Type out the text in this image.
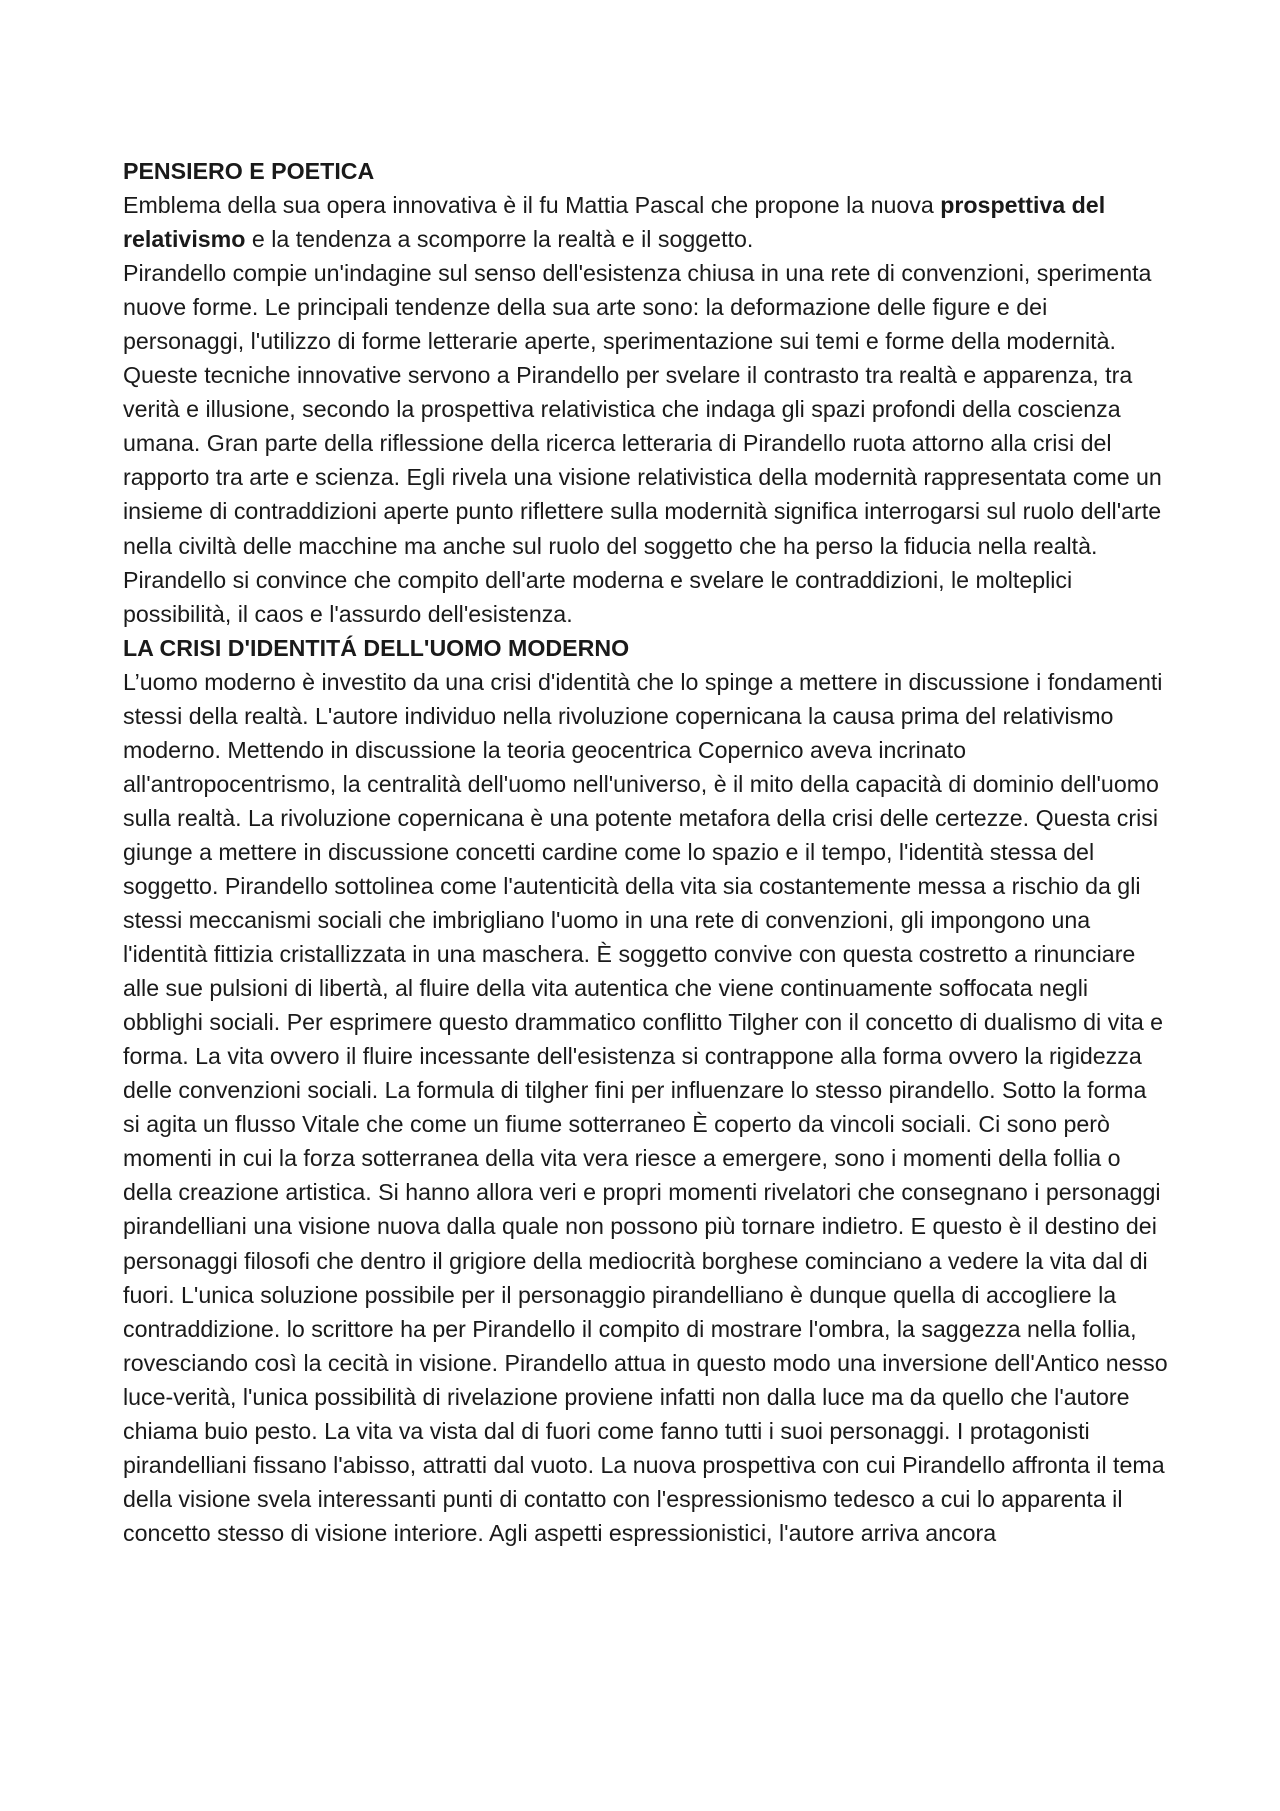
PENSIERO E POETICA

Emblema della sua opera innovativa è il fu Mattia Pascal che propone la nuova prospettiva del relativismo e la tendenza a scomporre la realtà e il soggetto.

Pirandello compie un'indagine sul senso dell'esistenza chiusa in una rete di convenzioni, sperimenta nuove forme. Le principali tendenze della sua arte sono: la deformazione delle figure e dei personaggi, l'utilizzo di forme letterarie aperte, sperimentazione sui temi e forme della modernità. Queste tecniche innovative servono a Pirandello per svelare il contrasto tra realtà e apparenza, tra verità e illusione, secondo la prospettiva relativistica che indaga gli spazi profondi della coscienza umana. Gran parte della riflessione della ricerca letteraria di Pirandello ruota attorno alla crisi del rapporto tra arte e scienza. Egli rivela una visione relativistica della modernità rappresentata come un insieme di contraddizioni aperte punto riflettere sulla modernità significa interrogarsi sul ruolo dell'arte nella civiltà delle macchine ma anche sul ruolo del soggetto che ha perso la fiducia nella realtà. Pirandello si convince che compito dell'arte moderna e svelare le contraddizioni, le molteplici possibilità, il caos e l'assurdo dell'esistenza.

LA CRISI D'IDENTITÁ DELL'UOMO MODERNO

L’uomo moderno è investito da una crisi d'identità che lo spinge a mettere in discussione i fondamenti stessi della realtà. L'autore individuo nella rivoluzione copernicana la causa prima del relativismo moderno. Mettendo in discussione la teoria geocentrica Copernico aveva incrinato all'antropocentrismo, la centralità dell'uomo nell'universo, è il mito della capacità di dominio dell'uomo sulla realtà. La rivoluzione copernicana è una potente metafora della crisi delle certezze. Questa crisi giunge a mettere in discussione concetti cardine come lo spazio e il tempo, l'identità stessa del soggetto. Pirandello sottolinea come l'autenticità della vita sia costantemente messa a rischio da gli stessi meccanismi sociali che imbrigliano l'uomo in una rete di convenzioni, gli impongono una l'identità fittizia cristallizzata in una maschera. È soggetto convive con questa costretto a rinunciare alle sue pulsioni di libertà, al fluire della vita autentica che viene continuamente soffocata negli obblighi sociali. Per esprimere questo drammatico conflitto Tilgher con il concetto di dualismo di vita e forma. La vita ovvero il fluire incessante dell'esistenza si contrappone alla forma ovvero la rigidezza delle convenzioni sociali. La formula di tilgher fini per influenzare lo stesso pirandello. Sotto la forma si agita un flusso Vitale che come un fiume sotterraneo È coperto da vincoli sociali. Ci sono però momenti in cui la forza sotterranea della vita vera riesce a emergere, sono i momenti della follia o della creazione artistica. Si hanno allora veri e propri momenti rivelatori che consegnano i personaggi pirandelliani una visione nuova dalla quale non possono più tornare indietro. E questo è il destino dei personaggi filosofi che dentro il grigiore della mediocrità borghese cominciano a vedere la vita dal di fuori. L'unica soluzione possibile per il personaggio pirandelliano è dunque quella di accogliere la contraddizione. lo scrittore ha per Pirandello il compito di mostrare l'ombra, la saggezza nella follia, rovesciando così la cecità in visione. Pirandello attua in questo modo una inversione dell'Antico nesso luce-verità, l'unica possibilità di rivelazione proviene infatti non dalla luce ma da quello che l'autore chiama buio pesto. La vita va vista dal di fuori come fanno tutti i suoi personaggi. I protagonisti pirandelliani fissano l'abisso, attratti dal vuoto. La nuova prospettiva con cui Pirandello affronta il tema della visione svela interessanti punti di contatto con l'espressionismo tedesco a cui lo apparenta il concetto stesso di visione interiore. Agli aspetti espressionistici, l'autore arriva ancora
